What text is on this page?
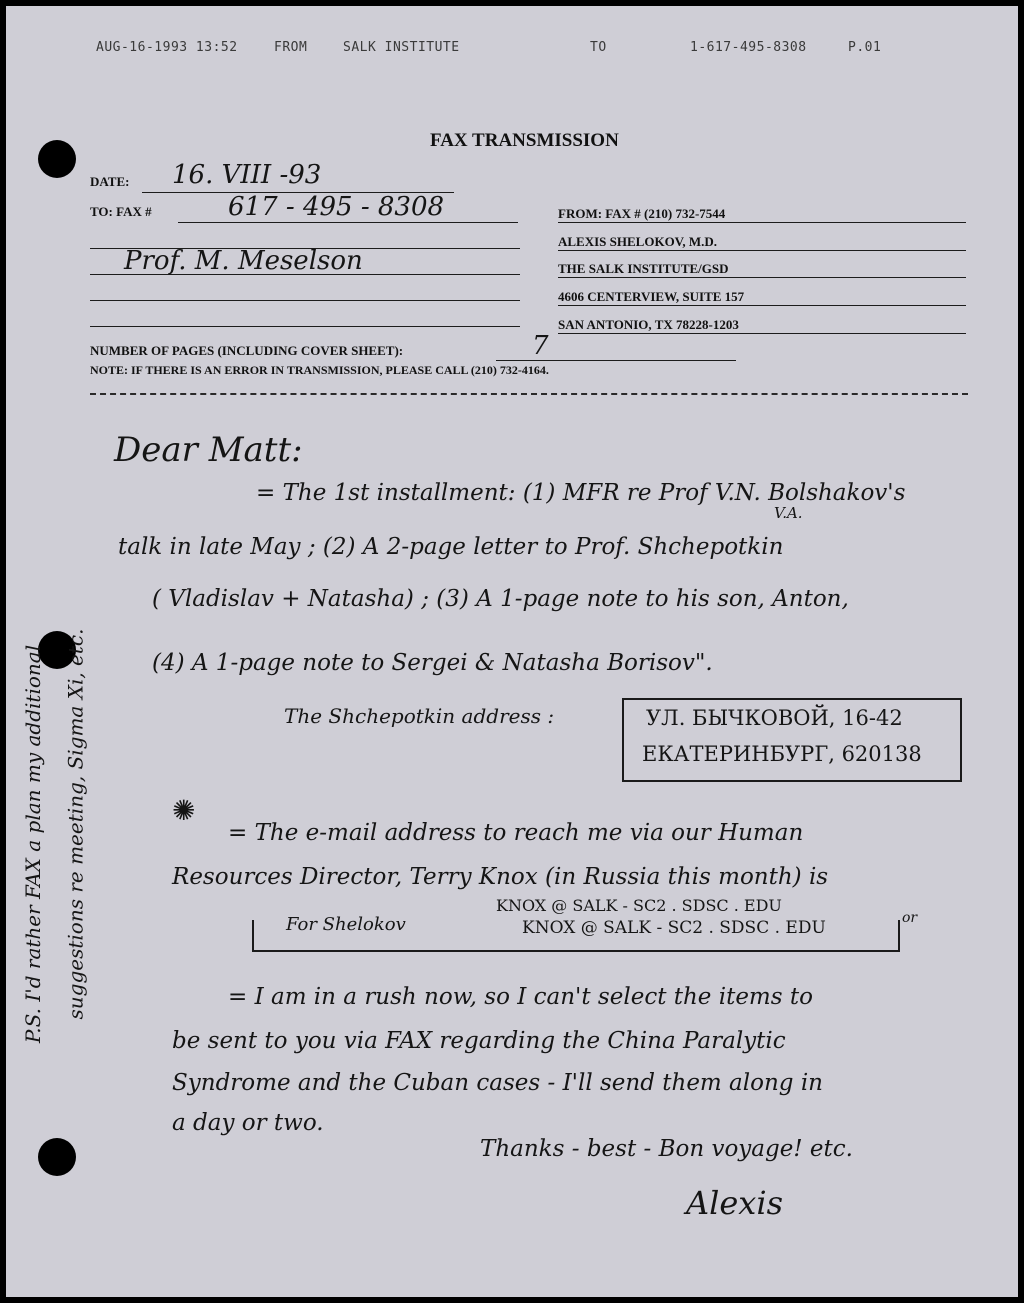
AUG-16-1993 13:52	FROM	SALK INSTITUTE	TO	1-617-495-8308	P.01
FAX TRANSMISSION
DATE: 16. VIII -93
TO: FAX #	617 - 495 - 8308
Prof. M. Meselson
FROM: FAX # (210) 732-7544
ALEXIS SHELOKOV, M.D.
THE SALK INSTITUTE/GSD
4606 CENTERVIEW, SUITE 157
SAN ANTONIO, TX 78228-1203
NUMBER OF PAGES (INCLUDING COVER SHEET):	7
NOTE: IF THERE IS AN ERROR IN TRANSMISSION, PLEASE CALL (210) 732-4164.
Dear Matt:
V.A.
= The 1st installment: (1) MFR re Prof V.N. Bolshakov's
talk in late May ; (2) A 2-page letter to Prof. Shchepotkin
( Vladislav + Natasha) ; (3) A 1-page note to his son, Anton,
(4) A 1-page note to Sergei & Natasha Borisov".
The Shchepotkin address :	УЛ. БЫЧКОВОЙ, 16-42
ЕКАТЕРИНБУРГ, 620138
✺
= The e-mail address to reach me via our Human
Resources Director, Terry Knox (in Russia this month) is
KNOX @ SALK - SC2 . SDSC . EDU
For Shelokov	KNOX @ SALK - SC2 . SDSC . EDU	or
= I am in a rush now, so I can't select the items to
be sent to you via FAX regarding the China Paralytic
Syndrome and the Cuban cases - I'll send them along in
a day or two.
Thanks - best - Bon voyage! etc.
Alexis
P.S. I'd rather FAX a plan my additional suggestions re meeting, Sigma Xi, etc.
